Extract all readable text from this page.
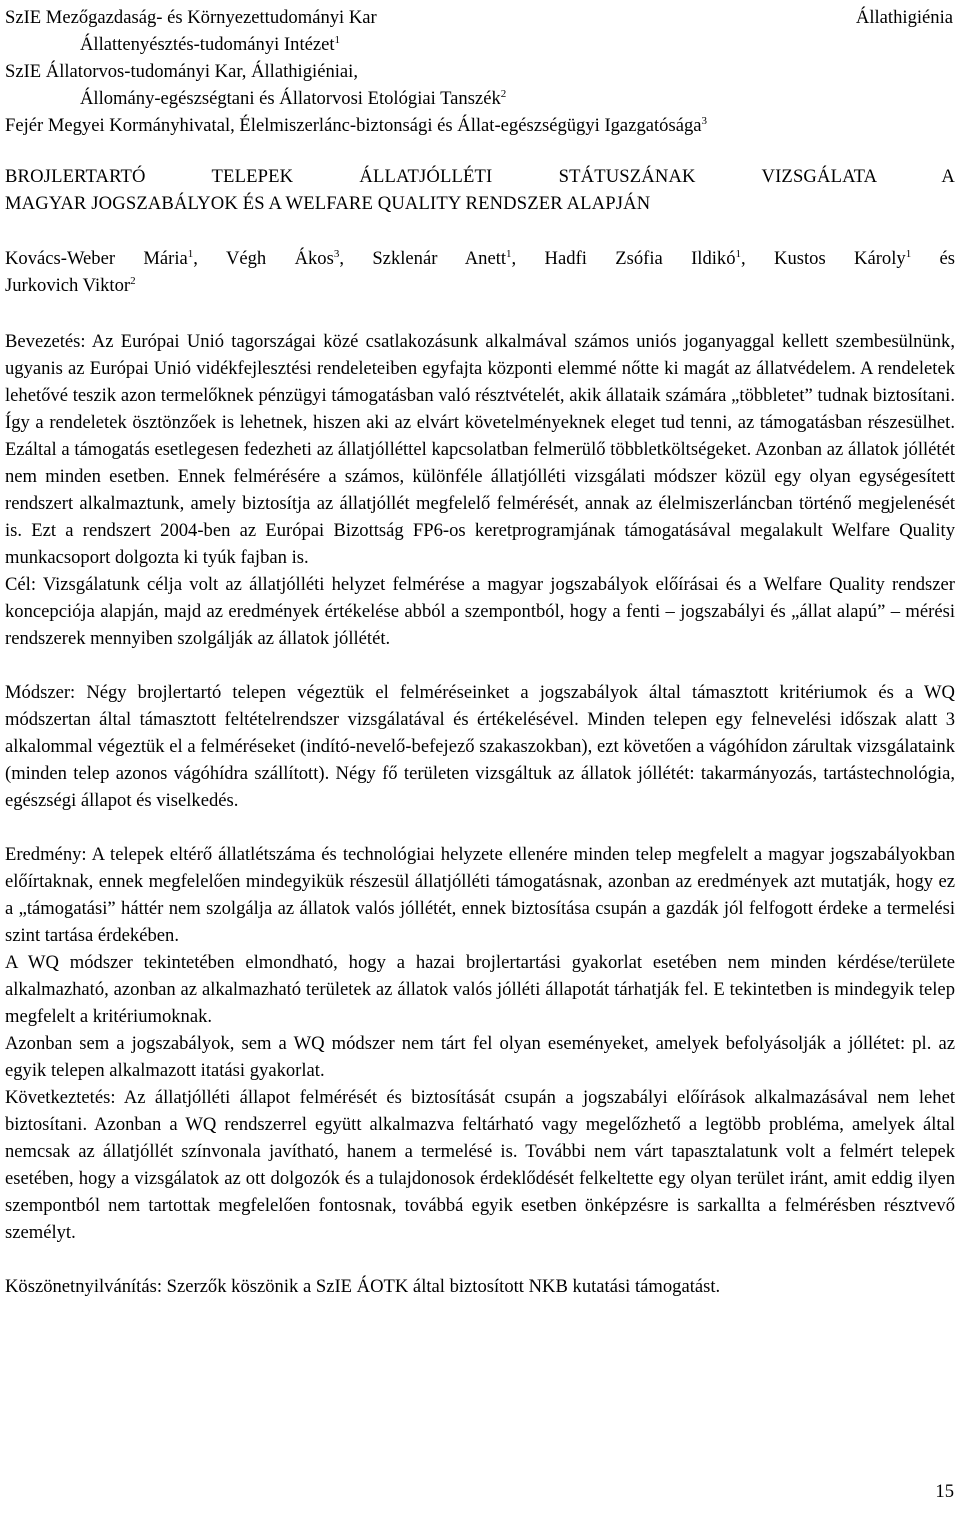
SzIE Mezőgazdaság- és Környezettudományi Kar	Állathigiénia
Állattenyésztés-tudományi Intézet$^1$
SzIE Állatorvos-tudományi Kar, Állathigiéniai,
Állomány-egészségtani és Állatorvosi Etológiai Tanszék$^2$
Fejér Megyei Kormányhivatal, Élelmiszerlánc-biztonsági és Állat-egészségügyi Igazgatósága$^3$
BROJLERTARTÓ TELEPEK ÁLLATJÓLLÉTI STÁTUSZÁNAK VIZSGÁLATA A
MAGYAR JOGSZABÁLYOK ÉS A WELFARE QUALITY RENDSZER ALAPJÁN
Kovács-Weber Mária$^1$, Végh Ákos$^3$, Szklenár Anett$^1$, Hadfi Zsófia Ildikó$^1$, Kustos Károly$^1$ és
Jurkovich Viktor$^2$

Bevezetés: Az Európai Unió tagországai közé csatlakozásunk alkalmával számos uniós joganyaggal kellett szembesülnünk, ugyanis az Európai Unió vidékfejlesztési rendeleteiben egyfajta központi elemmé nőtte ki magát az állatvédelem. A rendeletek lehetővé teszik azon termelőknek pénzügyi támogatásban való résztvételét, akik állataik számára „többletet” tudnak biztosítani. Így a rendeletek ösztönzőek is lehetnek, hiszen aki az elvárt követelményeknek eleget tud tenni, az támogatásban részesülhet. Ezáltal a támogatás esetlegesen fedezheti az állatjólléttel kapcsolatban felmerülő többletköltségeket. Azonban az állatok jóllétét nem minden esetben. Ennek felmérésére a számos, különféle állatjólléti vizsgálati módszer közül egy olyan egységesített rendszert alkalmaztunk, amely biztosítja az állatjóllét megfelelő felmérését, annak az élelmiszerláncban történő megjelenését is. Ezt a rendszert 2004-ben az Európai Bizottság FP6-os keretprogramjának támogatásával megalakult Welfare Quality munkacsoport dolgozta ki tyúk fajban is.

Cél: Vizsgálatunk célja volt az állatjólléti helyzet felmérése a magyar jogszabályok előírásai és a Welfare Quality rendszer koncepciója alapján, majd az eredmények értékelése abból a szempontból, hogy a fenti – jogszabályi és „állat alapú” – mérési rendszerek mennyiben szolgálják az állatok jóllétét.

Módszer: Négy brojlertartó telepen végeztük el felméréseinket a jogszabályok által támasztott kritériumok és a WQ módszertan által támasztott feltételrendszer vizsgálatával és értékelésével. Minden telepen egy felnevelési időszak alatt 3 alkalommal végeztük el a felméréseket (indító-nevelő-befejező szakaszokban), ezt követően a vágóhídon zárultak vizsgálataink (minden telep azonos vágóhídra szállított). Négy fő területen vizsgáltuk az állatok jóllétét: takarmányozás, tartástechnológia, egészségi állapot és viselkedés.

Eredmény: A telepek eltérő állatlétszáma és technológiai helyzete ellenére minden telep megfelelt a magyar jogszabályokban előírtaknak, ennek megfelelően mindegyikük részesül állatjólléti támogatásnak, azonban az eredmények azt mutatják, hogy ez a „támogatási” háttér nem szolgálja az állatok valós jóllétét, ennek biztosítása csupán a gazdák jól felfogott érdeke a termelési szint tartása érdekében.

A WQ módszer tekintetében elmondható, hogy a hazai brojlertartási gyakorlat esetében nem minden kérdése/területe alkalmazható, azonban az alkalmazható területek az állatok valós jólléti állapotát tárhatják fel. E tekintetben is mindegyik telep megfelelt a kritériumoknak.

Azonban sem a jogszabályok, sem a WQ módszer nem tárt fel olyan eseményeket, amelyek befolyásolják a jóllétet: pl. az egyik telepen alkalmazott itatási gyakorlat.

Következtetés: Az állatjólléti állapot felmérését és biztosítását csupán a jogszabályi előírások alkalmazásával nem lehet biztosítani. Azonban a WQ rendszerrel együtt alkalmazva feltárható vagy megelőzhető a legtöbb probléma, amelyek által nemcsak az állatjóllét színvonala javítható, hanem a termelésé is. További nem várt tapasztalatunk volt a felmért telepek esetében, hogy a vizsgálatok az ott dolgozók és a tulajdonosok érdeklődését felkeltette egy olyan terület iránt, amit eddig ilyen szempontból nem tartottak megfelelően fontosnak, továbbá egyik esetben önképzésre is sarkallta a felmérésben résztvevő személyt.

Köszönetnyilvánítás: Szerzők köszönik a SzIE ÁOTK által biztosított NKB kutatási támogatást.

15
